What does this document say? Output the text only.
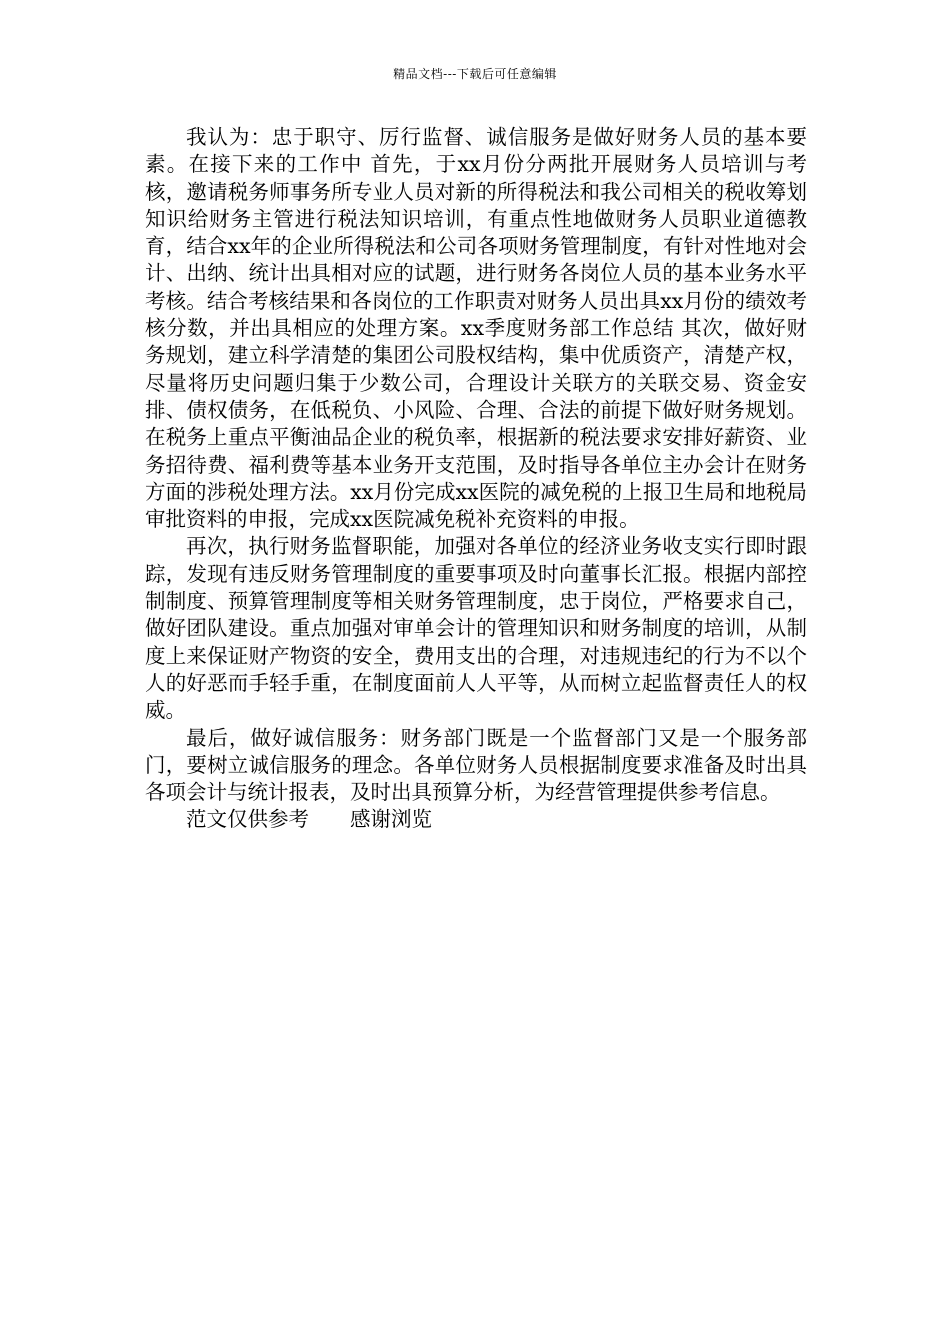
精品文档---下载后可任意编辑

我认为：忠于职守、厉行监督、诚信服务是做好财务人员的基本要素。在接下来的工作中 首先，于xx月份分两批开展财务人员培训与考核，邀请税务师事务所专业人员对新的所得税法和我公司相关的税收筹划知识给财务主管进行税法知识培训，有重点性地做财务人员职业道德教育，结合xx年的企业所得税法和公司各项财务管理制度，有针对性地对会计、出纳、统计出具相对应的试题，进行财务各岗位人员的基本业务水平考核。结合考核结果和各岗位的工作职责对财务人员出具xx月份的绩效考核分数，并出具相应的处理方案。xx季度财务部工作总结 其次，做好财务规划，建立科学清楚的集团公司股权结构，集中优质资产，清楚产权，尽量将历史问题归集于少数公司，合理设计关联方的关联交易、资金安排、债权债务，在低税负、小风险、合理、合法的前提下做好财务规划。在税务上重点平衡油品企业的税负率，根据新的税法要求安排好薪资、业务招待费、福利费等基本业务开支范围，及时指导各单位主办会计在财务方面的涉税处理方法。xx月份完成xx医院的减免税的上报卫生局和地税局审批资料的申报，完成xx医院减免税补充资料的申报。

再次，执行财务监督职能，加强对各单位的经济业务收支实行即时跟踪，发现有违反财务管理制度的重要事项及时向董事长汇报。根据内部控制制度、预算管理制度等相关财务管理制度，忠于岗位，严格要求自己，做好团队建设。重点加强对审单会计的管理知识和财务制度的培训，从制度上来保证财产物资的安全，费用支出的合理，对违规违纪的行为不以个人的好恶而手轻手重，在制度面前人人平等，从而树立起监督责任人的权威。

最后，做好诚信服务：财务部门既是一个监督部门又是一个服务部门，要树立诚信服务的理念。各单位财务人员根据制度要求准备及时出具各项会计与统计报表，及时出具预算分析，为经营管理提供参考信息。

范文仅供参考　　感谢浏览
